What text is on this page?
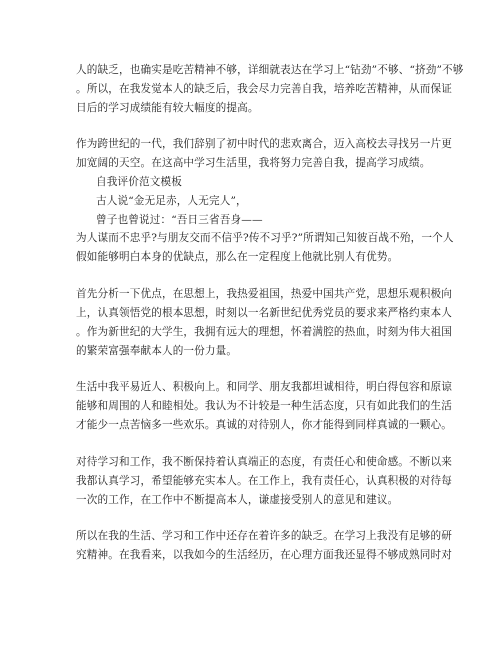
人的缺乏，也确实是吃苦精神不够，详细就表达在学习上“钻劲”不够、“挤劲”不够
。所以，在我发觉本人的缺乏后，我会尽力完善自我，培养吃苦精神，从而保证
日后的学习成绩能有较大幅度的提高。
作为跨世纪的一代，我们辞别了初中时代的悲欢离合，迈入高校去寻找另一片更
加宽阔的天空。在这高中学习生活里，我将努力完善自我，提高学习成绩。
自我评价范文模板
古人说“金无足赤，人无完人”，
曾子也曾说过：“吾日三省吾身——
为人谋而不忠乎?与朋友交而不信乎?传不习乎?”所谓知己知彼百战不殆，一个人
假如能够明白本身的优缺点，那么在一定程度上他就比别人有优势。
首先分析一下优点，在思想上，我热爱祖国，热爱中国共产党，思想乐观积极向
上，认真领悟党的根本思想，时刻以一名新世纪优秀党员的要求来严格约束本人
。作为新世纪的大学生，我拥有远大的理想，怀着满腔的热血，时刻为伟大祖国
的繁荣富强奉献本人的一份力量。
生活中我平易近人、积极向上。和同学、朋友我都坦诚相待，明白得包容和原谅
能够和周围的人和睦相处。我认为不计较是一种生活态度，只有如此我们的生活
才能少一点苦恼多一些欢乐。真诚的对待别人，你才能得到同样真诚的一颗心。
对待学习和工作，我不断保持着认真端正的态度，有责任心和使命感。不断以来
我都认真学习，希望能够充实本人。在工作上，我有责任心，认真积极的对待每
一次的工作，在工作中不断提高本人，谦虚接受别人的意见和建议。
所以在我的生活、学习和工作中还存在着许多的缺乏。在学习上我没有足够的研
究精神。在我看来，以我如今的生活经历，在心理方面我还显得不够成熟同时对
